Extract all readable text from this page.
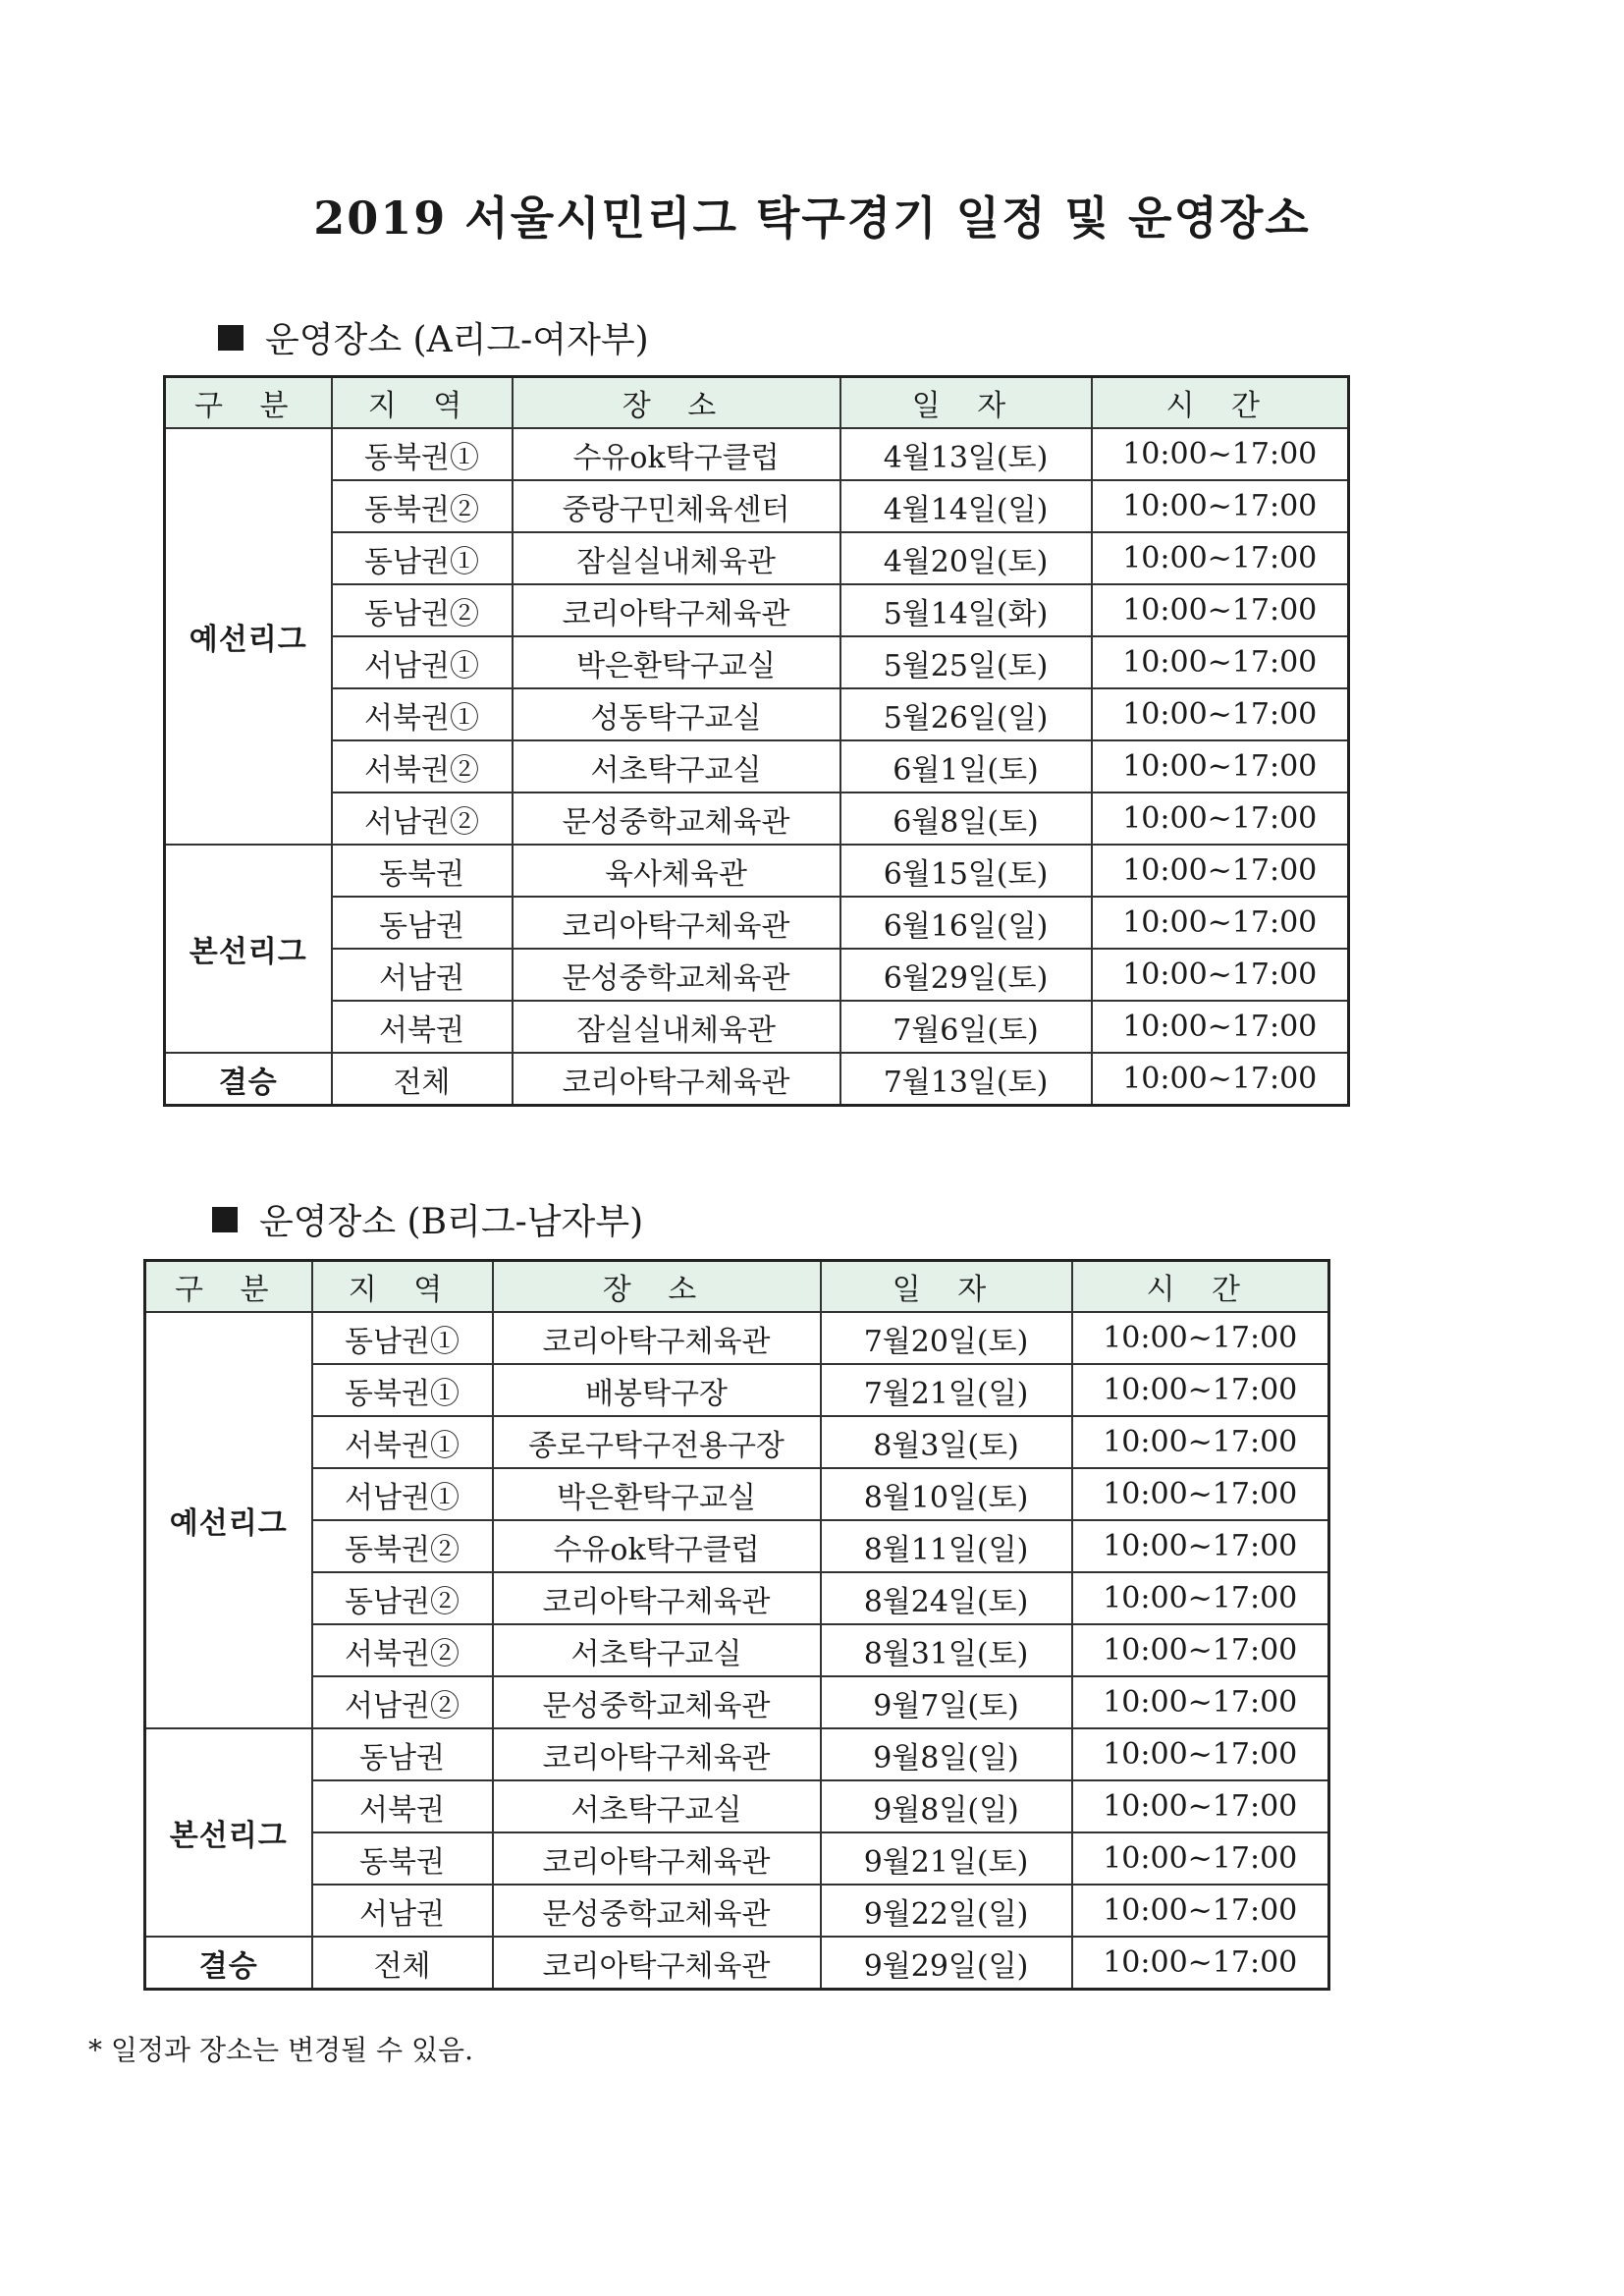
2019 서울시민리그 탁구경기 일정 및 운영장소
운영장소 (A리그-여자부)
구 분	지 역	장 소	일 자	시 간
예선리그	동북권①	수유ok탁구클럽	4월13일(토)	10:00~17:00
	동북권②	중랑구민체육센터	4월14일(일)	10:00~17:00
	동남권①	잠실실내체육관	4월20일(토)	10:00~17:00
	동남권②	코리아탁구체육관	5월14일(화)	10:00~17:00
	서남권①	박은환탁구교실	5월25일(토)	10:00~17:00
	서북권①	성동탁구교실	5월26일(일)	10:00~17:00
	서북권②	서초탁구교실	6월1일(토)	10:00~17:00
	서남권②	문성중학교체육관	6월8일(토)	10:00~17:00
본선리그	동북권	육사체육관	6월15일(토)	10:00~17:00
	동남권	코리아탁구체육관	6월16일(일)	10:00~17:00
	서남권	문성중학교체육관	6월29일(토)	10:00~17:00
	서북권	잠실실내체육관	7월6일(토)	10:00~17:00
결승	전체	코리아탁구체육관	7월13일(토)	10:00~17:00
운영장소 (B리그-남자부)
구 분	지 역	장 소	일 자	시 간
예선리그	동남권①	코리아탁구체육관	7월20일(토)	10:00~17:00
	동북권①	배봉탁구장	7월21일(일)	10:00~17:00
	서북권①	종로구탁구전용구장	8월3일(토)	10:00~17:00
	서남권①	박은환탁구교실	8월10일(토)	10:00~17:00
	동북권②	수유ok탁구클럽	8월11일(일)	10:00~17:00
	동남권②	코리아탁구체육관	8월24일(토)	10:00~17:00
	서북권②	서초탁구교실	8월31일(토)	10:00~17:00
	서남권②	문성중학교체육관	9월7일(토)	10:00~17:00
본선리그	동남권	코리아탁구체육관	9월8일(일)	10:00~17:00
	서북권	서초탁구교실	9월8일(일)	10:00~17:00
	동북권	코리아탁구체육관	9월21일(토)	10:00~17:00
	서남권	문성중학교체육관	9월22일(일)	10:00~17:00
결승	전체	코리아탁구체육관	9월29일(일)	10:00~17:00
* 일정과 장소는 변경될 수 있음.
